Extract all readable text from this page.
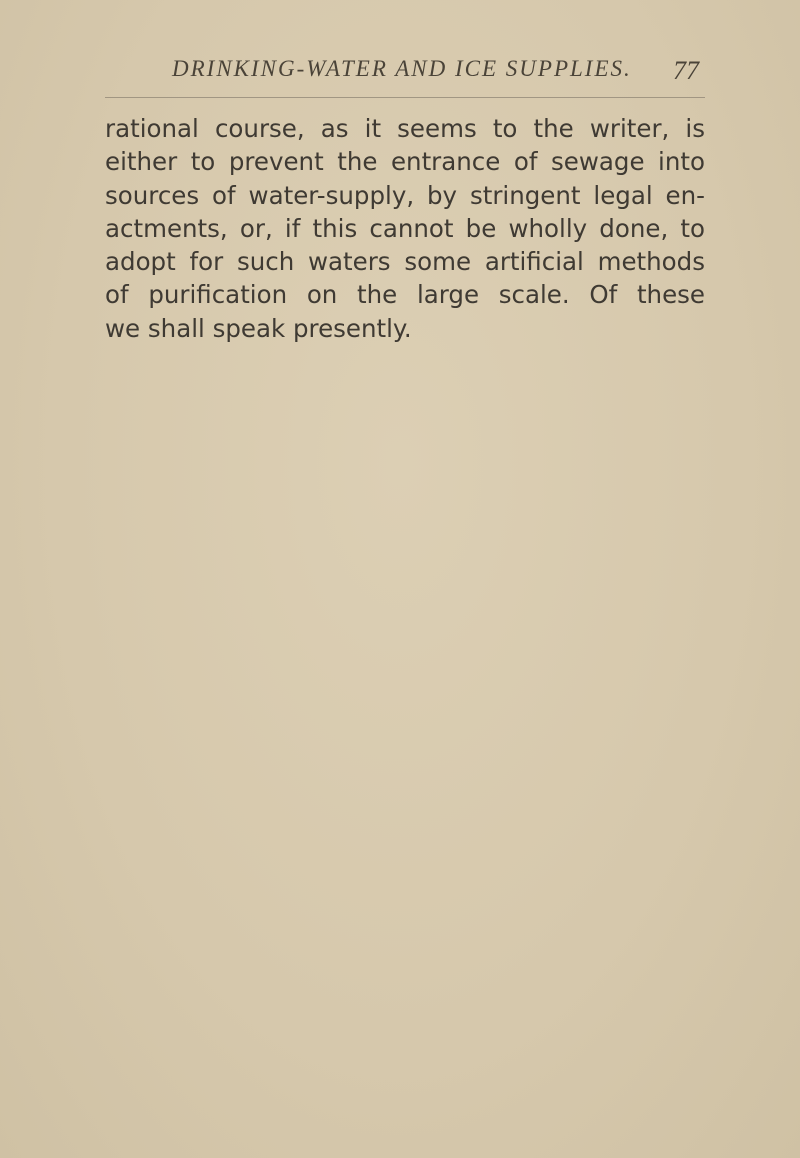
DRINKING-WATER AND ICE SUPPLIES. 77
rational course, as it seems to the writer, is
either to prevent the entrance of sewage into
sources of water-supply, by stringent legal en-
actments, or, if this cannot be wholly done, to
adopt for such waters some artificial methods
of purification on the large scale. Of these
we shall speak presently.
